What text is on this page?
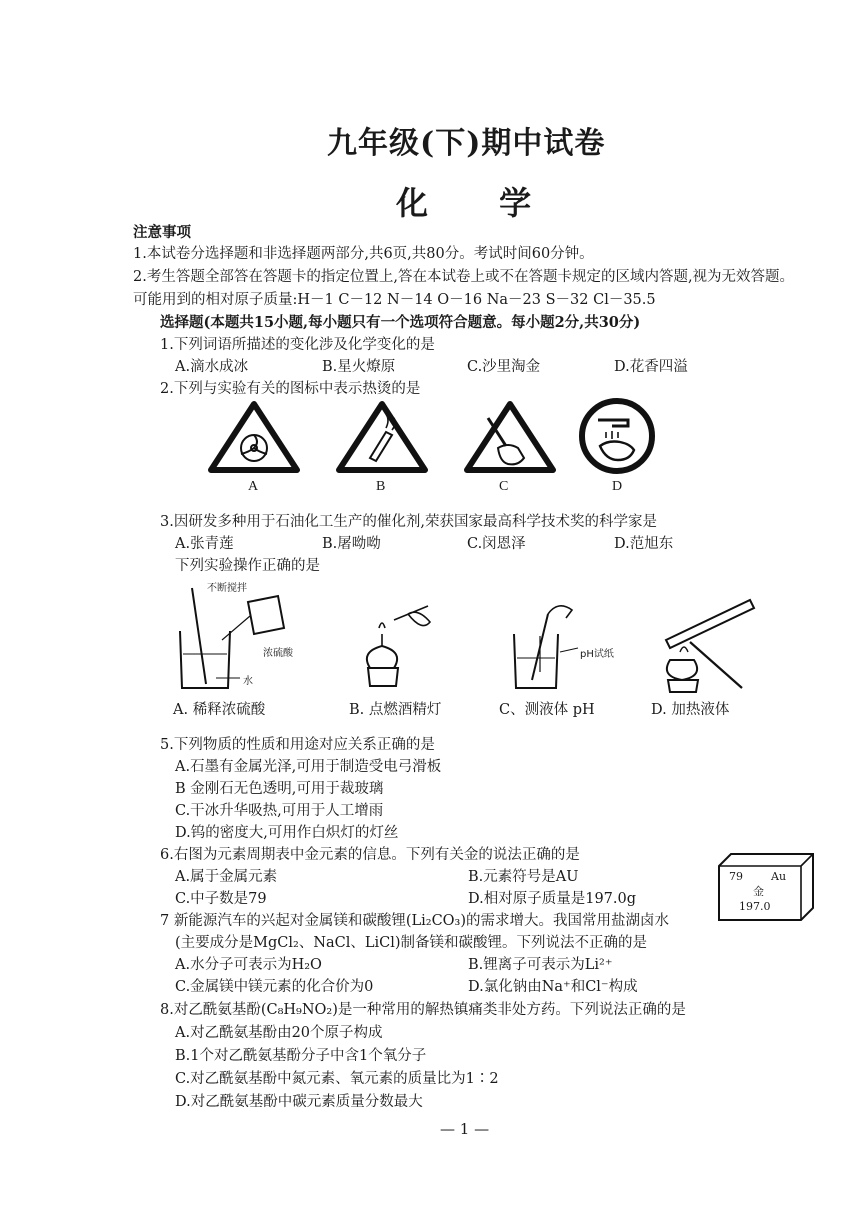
九年级(下)期中试卷
化 学
注意事项
1.本试卷分选择题和非选择题两部分,共6页,共80分。考试时间60分钟。
2.考生答题全部答在答题卡的指定位置上,答在本试卷上或不在答题卡规定的区域内答题,视为无效答题。
可能用到的相对原子质量:H－1 C－12 N－14 O－16 Na－23 S－32 Cl－35.5
选择题(本题共15小题,每小题只有一个选项符合题意。每小题2分,共30分)
1.下列词语所描述的变化涉及化学变化的是
A.滴水成冰	B.星火燎原	C.沙里淘金	D.花香四溢
2.下列与实验有关的图标中表示热烫的是
A	B	C	D
3.因研发多种用于石油化工生产的催化剂,荣获国家最高科学技术奖的科学家是
A.张青莲	B.屠呦呦	C.闵恩泽	D.范旭东
下列实验操作正确的是
不断搅拌
浓硫酸
水
pH试纸
A. 稀释浓硫酸	B. 点燃酒精灯	C、测液体 pH	D. 加热液体
5.下列物质的性质和用途对应关系正确的是
A.石墨有金属光泽,可用于制造受电弓滑板
B 金刚石无色透明,可用于裁玻璃
C.干冰升华吸热,可用于人工增雨
D.钨的密度大,可用作白炽灯的灯丝
6.右图为元素周期表中金元素的信息。下列有关金的说法正确的是
A.属于金属元素	B.元素符号是AU
C.中子数是79	D.相对原子质量是197.0g
79	Au
金
197.0
7 新能源汽车的兴起对金属镁和碳酸锂(Li₂CO₃)的需求增大。我国常用盐湖卤水
(主要成分是MgCl₂、NaCl、LiCl)制备镁和碳酸锂。下列说法不正确的是
A.水分子可表示为H₂O	B.锂离子可表示为Li²⁺
C.金属镁中镁元素的化合价为0	D.氯化钠由Na⁺和Cl⁻构成
8.对乙酰氨基酚(C₈H₉NO₂)是一种常用的解热镇痛类非处方药。下列说法正确的是
A.对乙酰氨基酚由20个原子构成
B.1个对乙酰氨基酚分子中含1个氧分子
C.对乙酰氨基酚中氮元素、氧元素的质量比为1∶2
D.对乙酰氨基酚中碳元素质量分数最大
— 1 —
